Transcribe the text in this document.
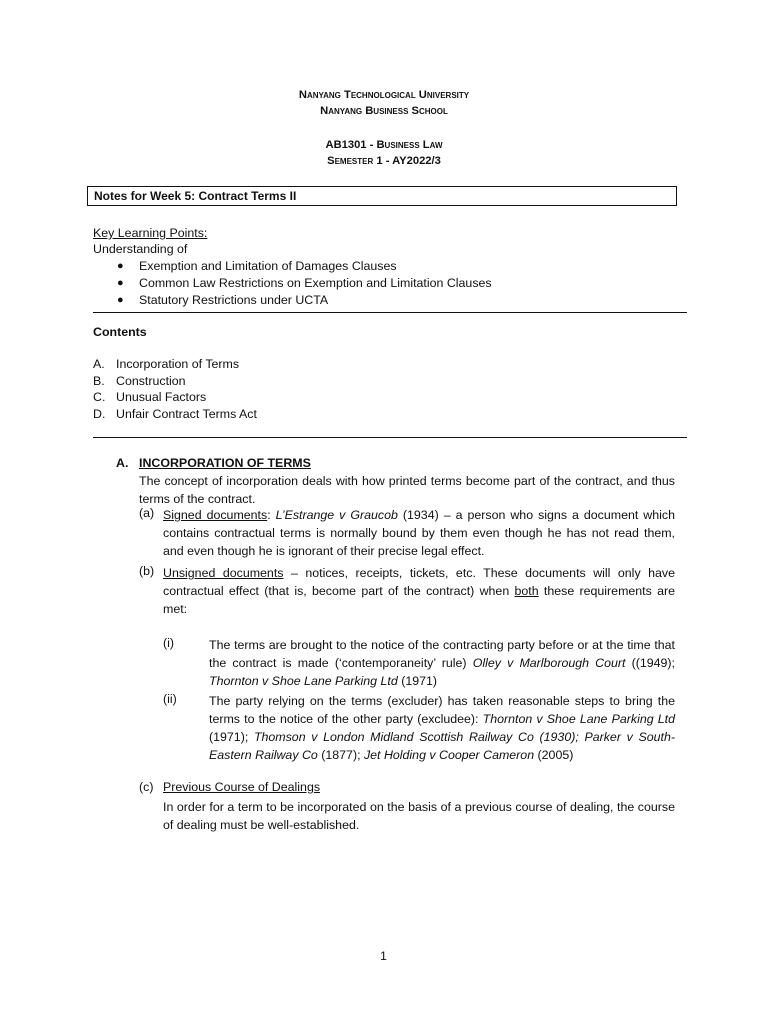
Nanyang Technological University
Nanyang Business School
AB1301 - Business Law
Semester 1 - AY2022/3
Notes for Week 5: Contract Terms II
Key Learning Points:
Understanding of
● Exemption and Limitation of Damages Clauses
● Common Law Restrictions on Exemption and Limitation Clauses
● Statutory Restrictions under UCTA
Contents
A. Incorporation of Terms
B. Construction
C. Unusual Factors
D. Unfair Contract Terms Act
A. INCORPORATION OF TERMS
The concept of incorporation deals with how printed terms become part of the contract, and thus terms of the contract.
(a) Signed documents: L’Estrange v Graucob (1934) – a person who signs a document which contains contractual terms is normally bound by them even though he has not read them, and even though he is ignorant of their precise legal effect.
(b) Unsigned documents – notices, receipts, tickets, etc. These documents will only have contractual effect (that is, become part of the contract) when both these requirements are met:
(i)	The terms are brought to the notice of the contracting party before or at the time that the contract is made (‘contemporaneity’ rule) Olley v Marlborough Court ((1949); Thornton v Shoe Lane Parking Ltd (1971)
(ii)	The party relying on the terms (excluder) has taken reasonable steps to bring the terms to the notice of the other party (excludee): Thornton v Shoe Lane Parking Ltd (1971); Thomson v London Midland Scottish Railway Co (1930); Parker v South-Eastern Railway Co (1877); Jet Holding v Cooper Cameron (2005)
(c) Previous Course of Dealings
In order for a term to be incorporated on the basis of a previous course of dealing, the course of dealing must be well-established.
1
